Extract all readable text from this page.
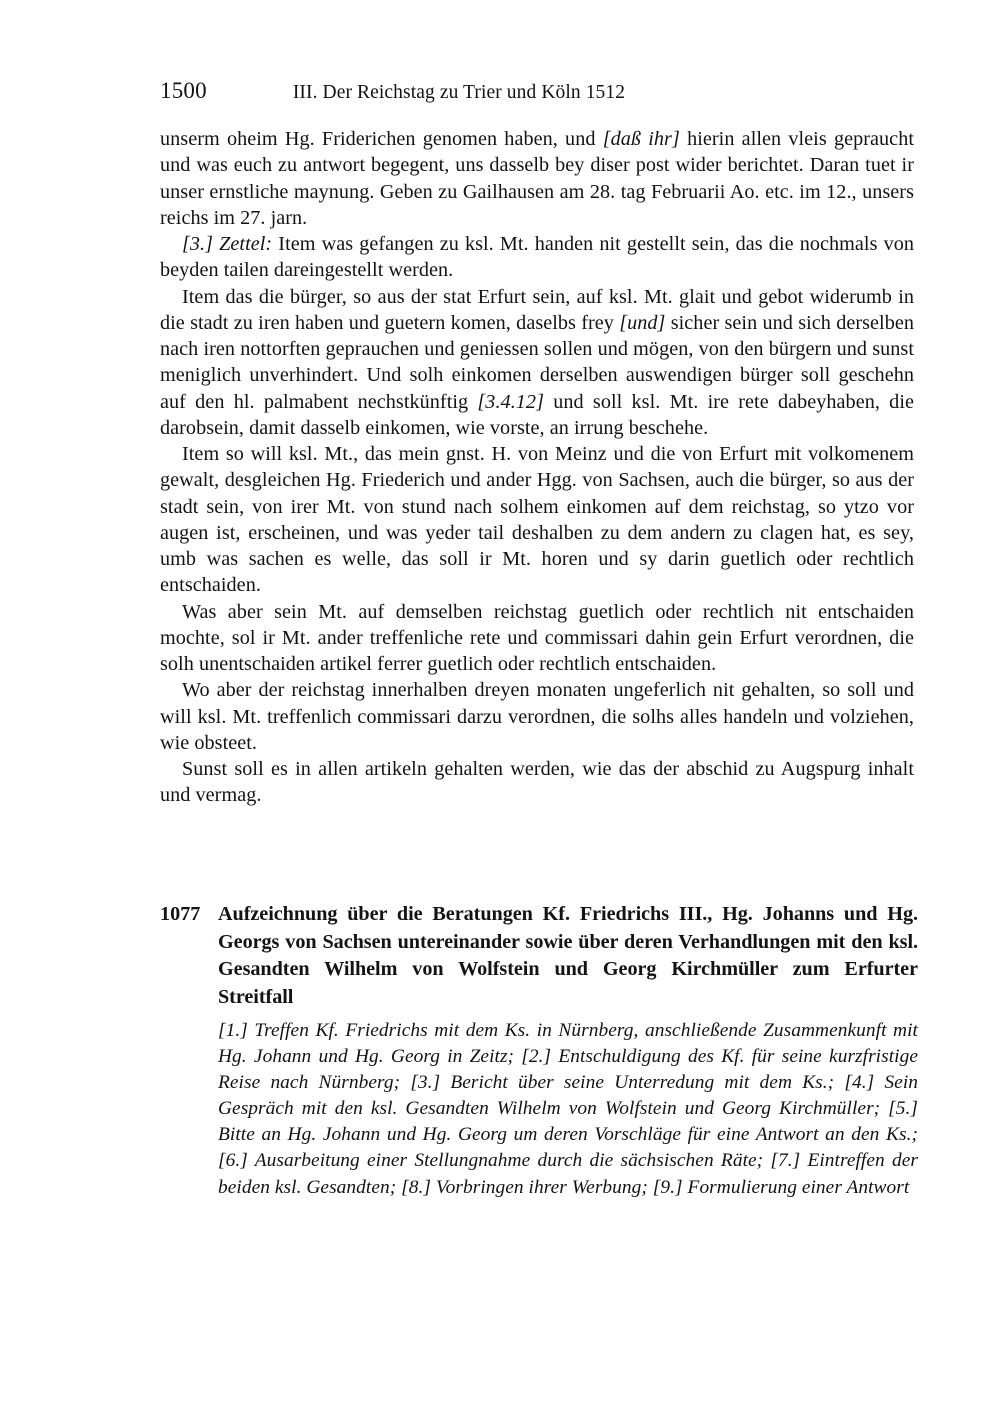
1500	III. Der Reichstag zu Trier und Köln 1512

unserm oheim Hg. Friderichen genomen haben, und [daß ihr] hierin allen vleis gepraucht und was euch zu antwort begegent, uns dasselb bey diser post wider berichtet. Daran tuet ir unser ernstliche maynung. Geben zu Gailhausen am 28. tag Februarii Ao. etc. im 12., unsers reichs im 27. jarn.

[3.] Zettel: Item was gefangen zu ksl. Mt. handen nit gestellt sein, das die nochmals von beyden tailen dareingestellt werden.

Item das die bürger, so aus der stat Erfurt sein, auf ksl. Mt. glait und gebot widerumb in die stadt zu iren haben und guetern komen, daselbs frey [und] sicher sein und sich derselben nach iren nottorften geprauchen und geniessen sollen und mögen, von den bürgern und sunst meniglich unverhindert. Und solh einkomen derselben auswendigen bürger soll geschehn auf den hl. palmabent nechstkünftig [3.4.12] und soll ksl. Mt. ire rete dabeyhaben, die darobsein, damit dasselb einkomen, wie vorste, an irrung beschehe.

Item so will ksl. Mt., das mein gnst. H. von Meinz und die von Erfurt mit volkomenem gewalt, desgleichen Hg. Friederich und ander Hgg. von Sachsen, auch die bürger, so aus der stadt sein, von irer Mt. von stund nach solhem einkomen auf dem reichstag, so ytzo vor augen ist, erscheinen, und was yeder tail deshalben zu dem andern zu clagen hat, es sey, umb was sachen es welle, das soll ir Mt. horen und sy darin guetlich oder rechtlich entschaiden.

Was aber sein Mt. auf demselben reichstag guetlich oder rechtlich nit entschaiden mochte, sol ir Mt. ander treffenliche rete und commissari dahin gein Erfurt verordnen, die solh unentschaiden artikel ferrer guetlich oder rechtlich entschaiden.

Wo aber der reichstag innerhalben dreyen monaten ungeferlich nit gehalten, so soll und will ksl. Mt. treffenlich commissari darzu verordnen, die solhs alles handeln und volziehen, wie obsteet.

Sunst soll es in allen artikeln gehalten werden, wie das der abschid zu Augspurg inhalt und vermag.

1077 Aufzeichnung über die Beratungen Kf. Friedrichs III., Hg. Johanns und Hg. Georgs von Sachsen untereinander sowie über deren Verhandlungen mit den ksl. Gesandten Wilhelm von Wolfstein und Georg Kirchmüller zum Erfurter Streitfall

[1.] Treffen Kf. Friedrichs mit dem Ks. in Nürnberg, anschließende Zusammenkunft mit Hg. Johann und Hg. Georg in Zeitz; [2.] Entschuldigung des Kf. für seine kurzfristige Reise nach Nürnberg; [3.] Bericht über seine Unterredung mit dem Ks.; [4.] Sein Gespräch mit den ksl. Gesandten Wilhelm von Wolfstein und Georg Kirchmüller; [5.] Bitte an Hg. Johann und Hg. Georg um deren Vorschläge für eine Antwort an den Ks.; [6.] Ausarbeitung einer Stellungnahme durch die sächsischen Räte; [7.] Eintreffen der beiden ksl. Gesandten; [8.] Vorbringen ihrer Werbung; [9.] Formulierung einer Antwort
